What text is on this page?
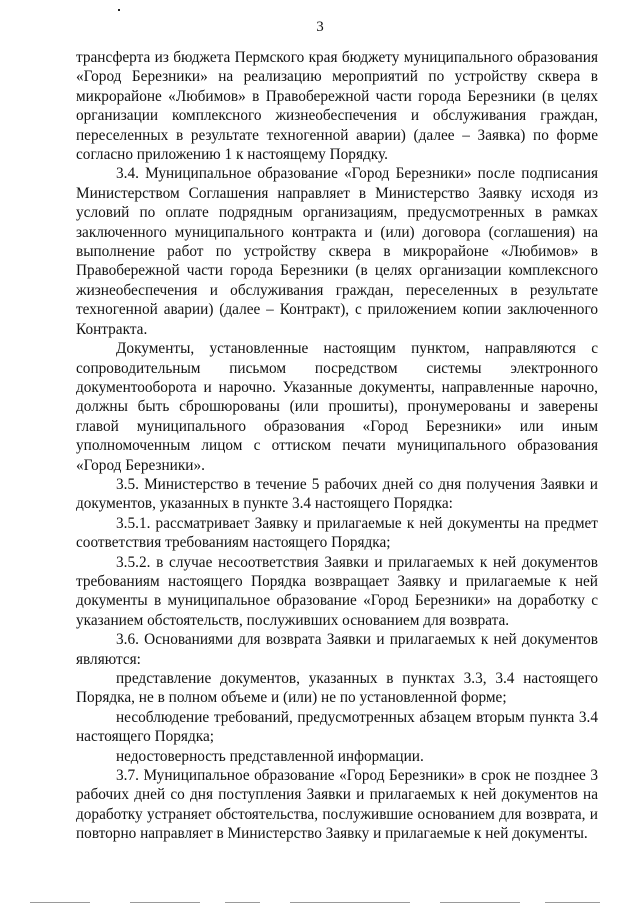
3

трансферта из бюджета Пермского края бюджету муниципального образования «Город Березники» на реализацию мероприятий по устройству сквера в микрорайоне «Любимов» в Правобережной части города Березники (в целях организации комплексного жизнеобеспечения и обслуживания граждан, переселенных в результате техногенной аварии) (далее – Заявка) по форме согласно приложению 1 к настоящему Порядку.

3.4. Муниципальное образование «Город Березники» после подписания Министерством Соглашения направляет в Министерство Заявку исходя из условий по оплате подрядным организациям, предусмотренных в рамках заключенного муниципального контракта и (или) договора (соглашения) на выполнение работ по устройству сквера в микрорайоне «Любимов» в Правобережной части города Березники (в целях организации комплексного жизнеобеспечения и обслуживания граждан, переселенных в результате техногенной аварии) (далее – Контракт), с приложением копии заключенного Контракта.

Документы, установленные настоящим пунктом, направляются с сопроводительным письмом посредством системы электронного документооборота и нарочно. Указанные документы, направленные нарочно, должны быть сброшюрованы (или прошиты), пронумерованы и заверены главой муниципального образования «Город Березники» или иным уполномоченным лицом с оттиском печати муниципального образования «Город Березники».

3.5. Министерство в течение 5 рабочих дней со дня получения Заявки и документов, указанных в пункте 3.4 настоящего Порядка:

3.5.1. рассматривает Заявку и прилагаемые к ней документы на предмет соответствия требованиям настоящего Порядка;

3.5.2. в случае несоответствия Заявки и прилагаемых к ней документов требованиям настоящего Порядка возвращает Заявку и прилагаемые к ней документы в муниципальное образование «Город Березники» на доработку с указанием обстоятельств, послуживших основанием для возврата.

3.6. Основаниями для возврата Заявки и прилагаемых к ней документов являются:

представление документов, указанных в пунктах 3.3, 3.4 настоящего Порядка, не в полном объеме и (или) не по установленной форме;

несоблюдение требований, предусмотренных абзацем вторым пункта 3.4 настоящего Порядка;

недостоверность представленной информации.

3.7. Муниципальное образование «Город Березники» в срок не позднее 3 рабочих дней со дня поступления Заявки и прилагаемых к ней документов на доработку устраняет обстоятельства, послужившие основанием для возврата, и повторно направляет в Министерство Заявку и прилагаемые к ней документы.
